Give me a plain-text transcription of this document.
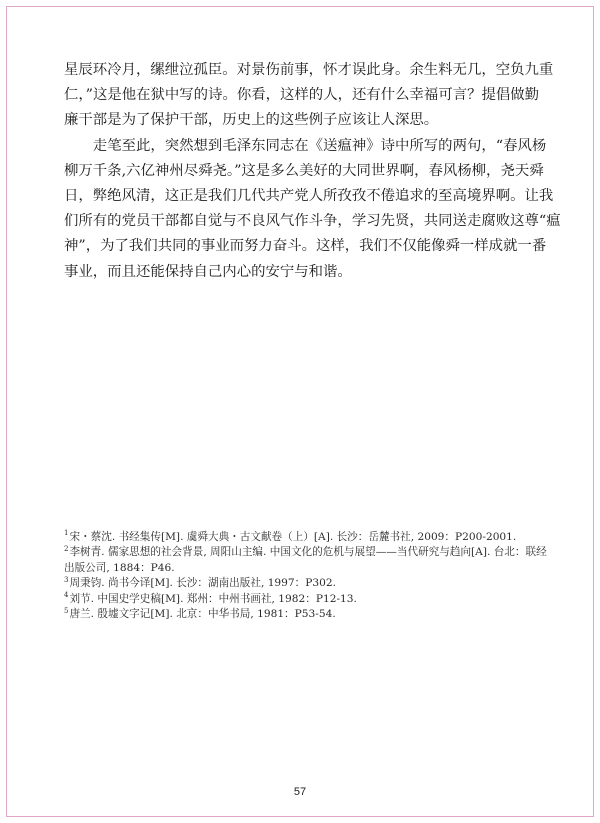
星辰环冷月，缧绁泣孤臣。对景伤前事，怀才误此身。余生料无几，空负九重

仁，”这是他在狱中写的诗。你看，这样的人，还有什么幸福可言？提倡做勤

廉干部是为了保护干部，历史上的这些例子应该让人深思。

走笔至此，突然想到毛泽东同志在《送瘟神》诗中所写的两句，“春风杨

柳万千条,六亿神州尽舜尧。”这是多么美好的大同世界啊，春风杨柳，尧天舜

日，弊绝风清，这正是我们几代共产党人所孜孜不倦追求的至高境界啊。让我

们所有的党员干部都自觉与不良风气作斗争，学习先贤，共同送走腐败这尊“瘟

神”，为了我们共同的事业而努力奋斗。这样，我们不仅能像舜一样成就一番

事业，而且还能保持自己内心的安宁与和谐。

$^1$宋・蔡沈. 书经集传[M]. 虞舜大典・古文献卷（上）[A]. 长沙：岳麓书社, 2009：P200-2001.

$^2$李树青. 儒家思想的社会背景, 周阳山主编. 中国文化的危机与展望——当代研究与趋向[A]. 台北：联经

出版公司, 1884：P46.

$^3$周秉钧. 尚书今译[M]. 长沙：湖南出版社, 1997：P302.

$^4$刘节. 中国史学史稿[M]. 郑州：中州书画社, 1982：P12-13.

$^5$唐兰. 殷墟文字记[M]. 北京：中华书局, 1981：P53-54.

57
